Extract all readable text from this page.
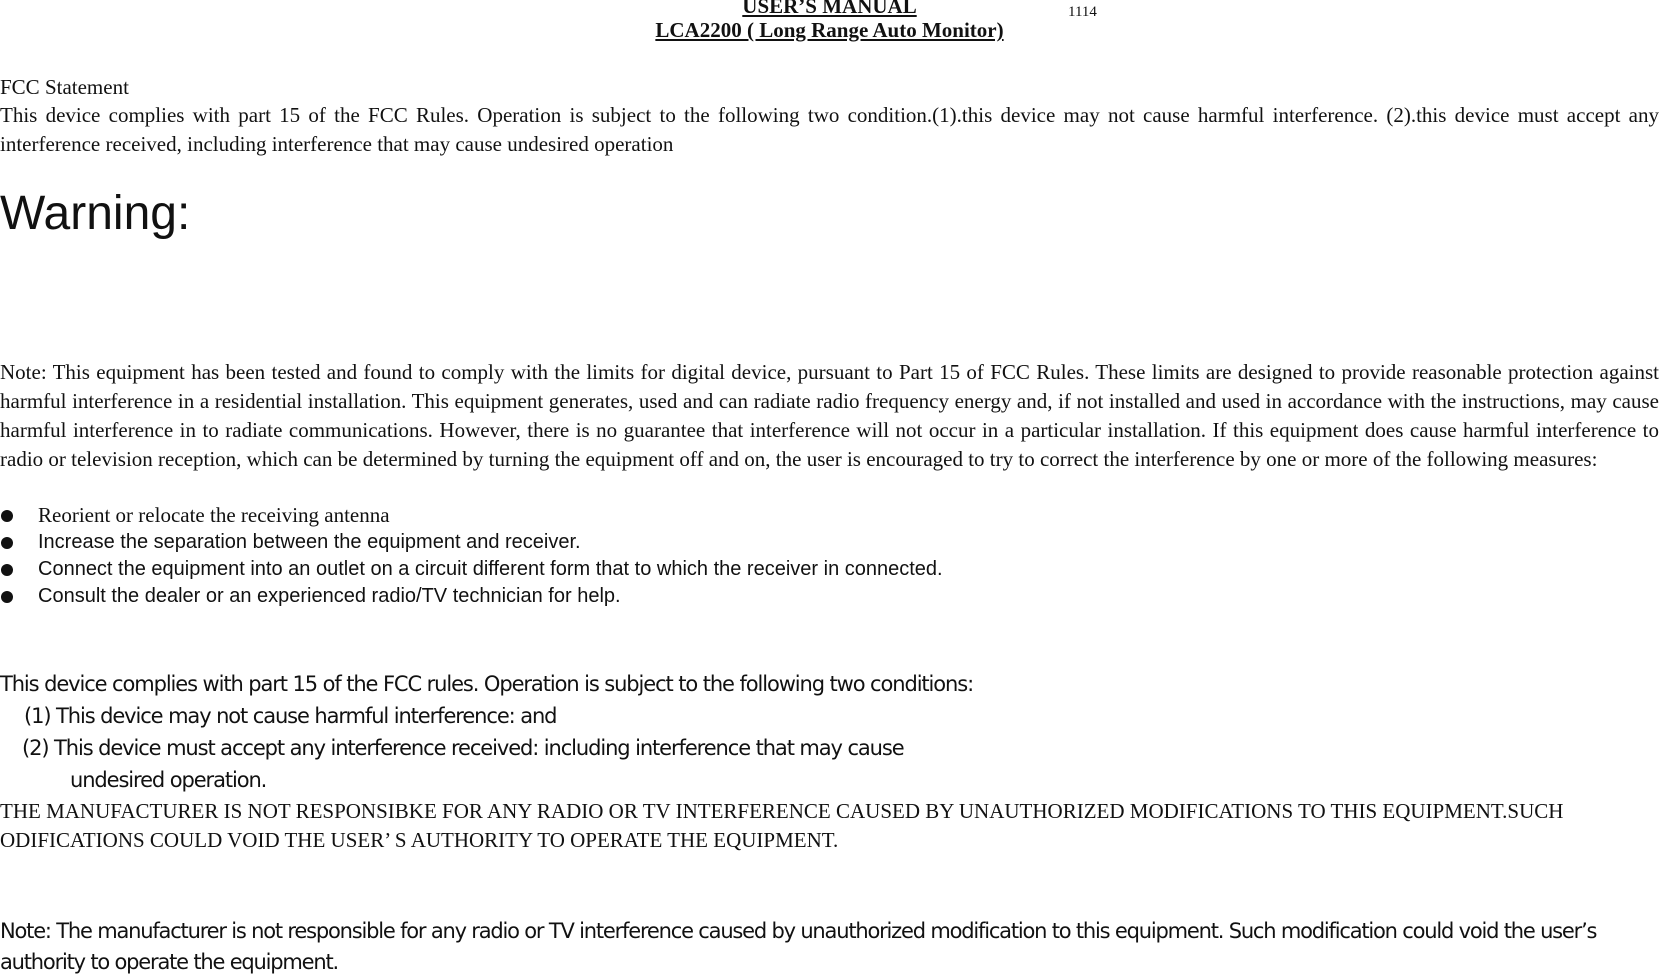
USER’S MANUAL
LCA2200 ( Long Range Auto Monitor)
1114
FCC Statement
This device complies with part 15 of the FCC Rules. Operation is subject to the following two condition.(1).this device may not cause harmful interference. (2).this device must accept any interference received, including interference that may cause undesired operation
Warning:
Note: This equipment has been tested and found to comply with the limits for digital device, pursuant to Part 15 of FCC Rules. These limits are designed to provide reasonable protection against harmful interference in a residential installation. This equipment generates, used and can radiate radio frequency energy and, if not installed and used in accordance with the instructions, may cause harmful interference in to radiate communications. However, there is no guarantee that interference will not occur in a particular installation. If this equipment does cause harmful interference to radio or television reception, which can be determined by turning the equipment off and on, the user is encouraged to try to correct the interference by one or more of the following measures:
Reorient or relocate the receiving antenna
Increase the separation between the equipment and receiver.
Connect the equipment into an outlet on a circuit different form that to which the receiver in connected.
Consult the dealer or an experienced radio/TV technician for help.
This device complies with part 15 of the FCC rules. Operation is subject to the following two conditions:
(1) This device may not cause harmful interference: and
(2) This device must accept any interference received: including interference that may cause
undesired operation.
THE MANUFACTURER IS NOT RESPONSIBKE FOR ANY RADIO OR TV INTERFERENCE CAUSED BY UNAUTHORIZED MODIFICATIONS TO THIS EQUIPMENT.SUCH ODIFICATIONS COULD VOID THE USER’ S AUTHORITY TO OPERATE THE EQUIPMENT.
Note: The manufacturer is not responsible for any radio or TV interference caused by unauthorized modification to this equipment. Such modification could void the user’s authority to operate the equipment.
